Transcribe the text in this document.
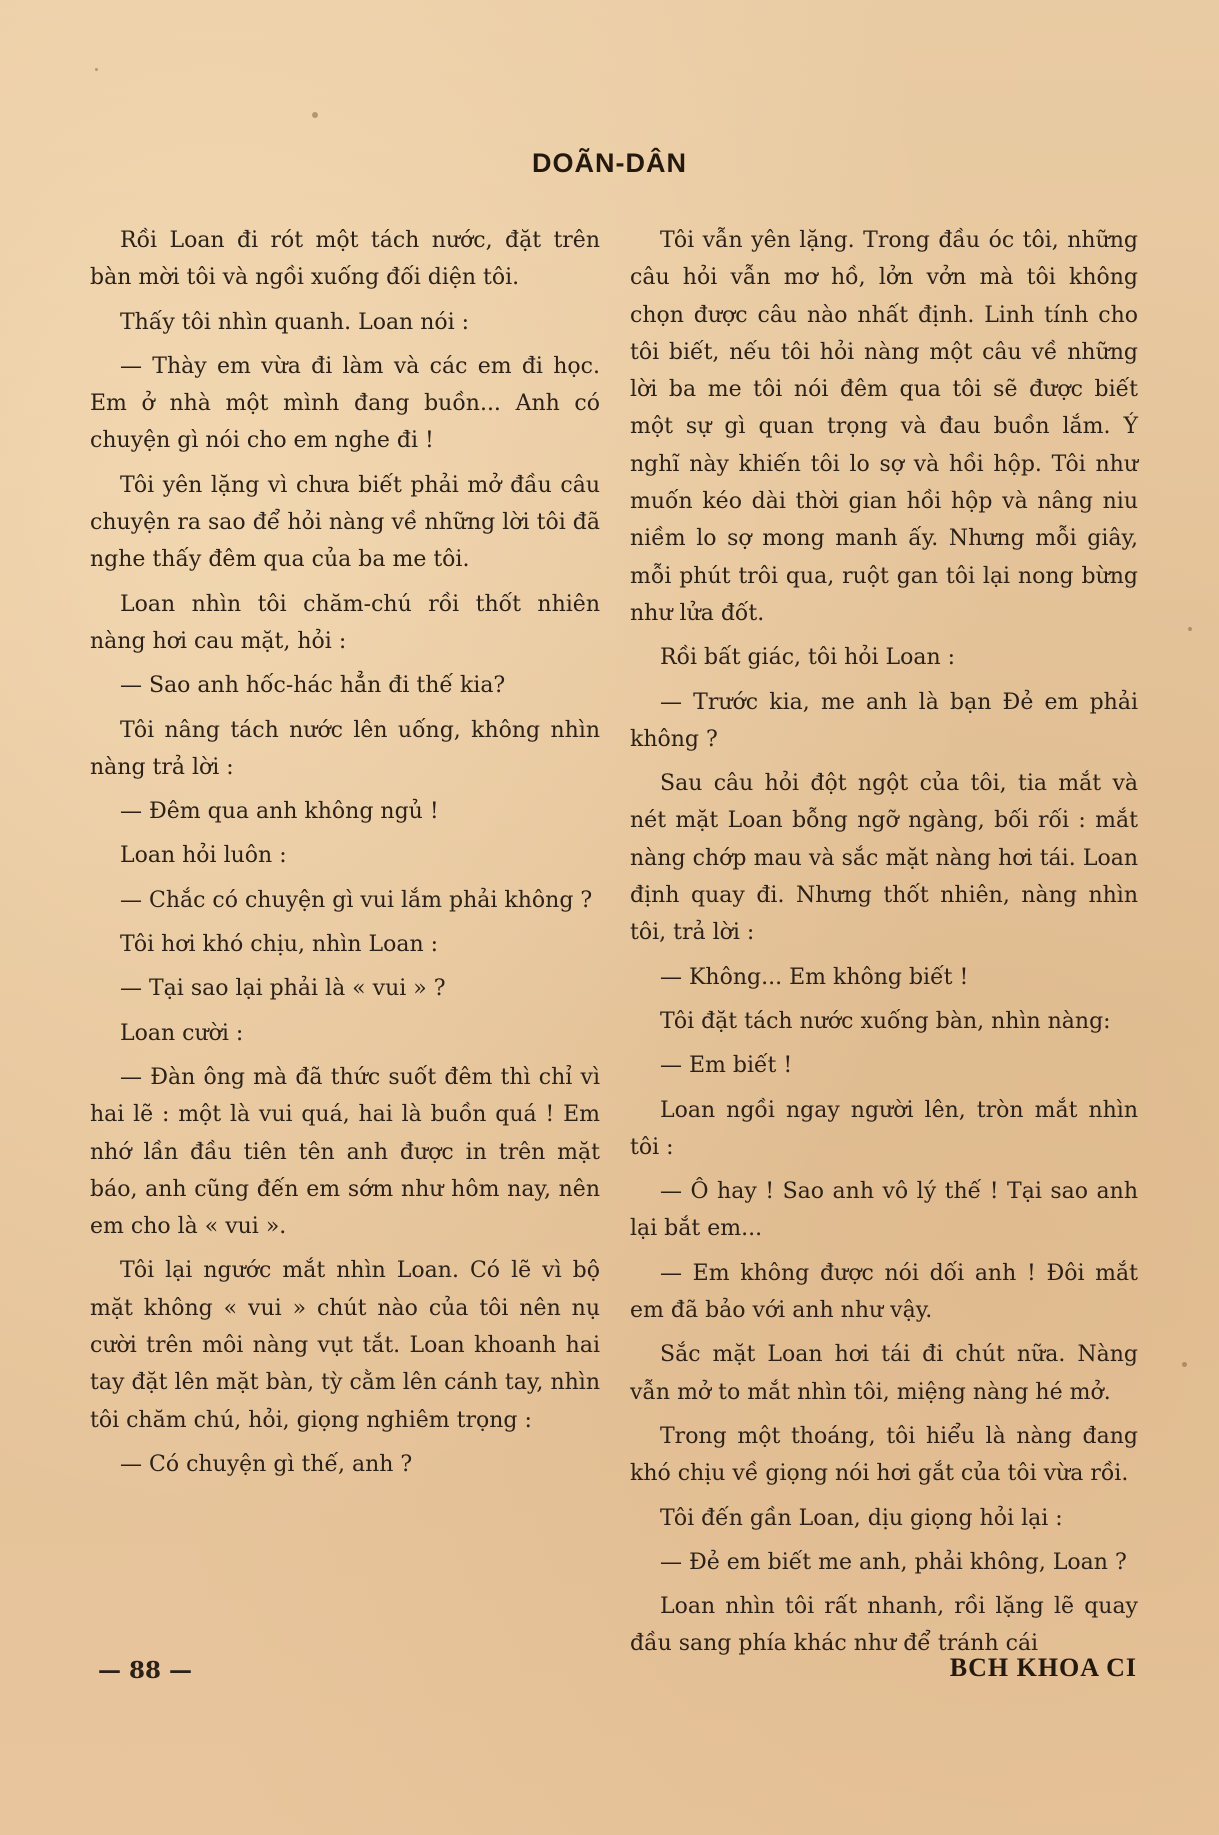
DOÃN-DÂN

Rồi Loan đi rót một tách nước, đặt trên bàn mời tôi và ngồi xuống đối diện tôi.

Thấy tôi nhìn quanh. Loan nói :

— Thày em vừa đi làm và các em đi học. Em ở nhà một mình đang buồn... Anh có chuyện gì nói cho em nghe đi !

Tôi yên lặng vì chưa biết phải mở đầu câu chuyện ra sao để hỏi nàng về những lời tôi đã nghe thấy đêm qua của ba me tôi.

Loan nhìn tôi chăm-chú rồi thốt nhiên nàng hơi cau mặt, hỏi :

— Sao anh hốc-hác hẳn đi thế kia?

Tôi nâng tách nước lên uống, không nhìn nàng trả lời :

— Đêm qua anh không ngủ !

Loan hỏi luôn :

— Chắc có chuyện gì vui lắm phải không ?

Tôi hơi khó chịu, nhìn Loan :

— Tại sao lại phải là « vui » ?

Loan cười :

— Đàn ông mà đã thức suốt đêm thì chỉ vì hai lẽ : một là vui quá, hai là buồn quá ! Em nhớ lần đầu tiên tên anh được in trên mặt báo, anh cũng đến em sớm như hôm nay, nên em cho là « vui ».

Tôi lại ngước mắt nhìn Loan. Có lẽ vì bộ mặt không « vui » chút nào của tôi nên nụ cười trên môi nàng vụt tắt. Loan khoanh hai tay đặt lên mặt bàn, tỳ cằm lên cánh tay, nhìn tôi chăm chú, hỏi, giọng nghiêm trọng :

— Có chuyện gì thế, anh ?

Tôi vẫn yên lặng. Trong đầu óc tôi, những câu hỏi vẫn mơ hồ, lởn vởn mà tôi không chọn được câu nào nhất định. Linh tính cho tôi biết, nếu tôi hỏi nàng một câu về những lời ba me tôi nói đêm qua tôi sẽ được biết một sự gì quan trọng và đau buồn lắm. Ý nghĩ này khiến tôi lo sợ và hồi hộp. Tôi như muốn kéo dài thời gian hồi hộp và nâng niu niềm lo sợ mong manh ấy. Nhưng mỗi giây, mỗi phút trôi qua, ruột gan tôi lại nong bừng như lửa đốt.

Rồi bất giác, tôi hỏi Loan :

— Trước kia, me anh là bạn Đẻ em phải không ?

Sau câu hỏi đột ngột của tôi, tia mắt và nét mặt Loan bỗng ngỡ ngàng, bối rối : mắt nàng chớp mau và sắc mặt nàng hơi tái. Loan định quay đi. Nhưng thốt nhiên, nàng nhìn tôi, trả lời :

— Không... Em không biết !

Tôi đặt tách nước xuống bàn, nhìn nàng:

— Em biết !

Loan ngồi ngay người lên, tròn mắt nhìn tôi :

— Ô hay ! Sao anh vô lý thế ! Tại sao anh lại bắt em...

— Em không được nói dối anh ! Đôi mắt em đã bảo với anh như vậy.

Sắc mặt Loan hơi tái đi chút nữa. Nàng vẫn mở to mắt nhìn tôi, miệng nàng hé mở.

Trong một thoáng, tôi hiểu là nàng đang khó chịu về giọng nói hơi gắt của tôi vừa rồi.

Tôi đến gần Loan, dịu giọng hỏi lại :

— Đẻ em biết me anh, phải không, Loan ?

Loan nhìn tôi rất nhanh, rồi lặng lẽ quay đầu sang phía khác như để tránh cái

— 88 —	BCH KHOA CI
